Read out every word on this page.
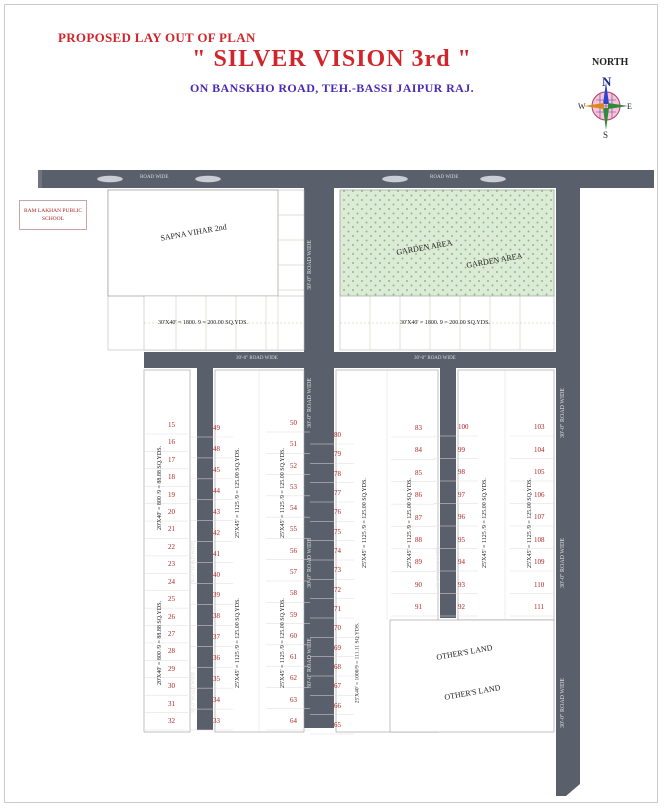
PROPOSED LAY OUT OF PLAN
" SILVER VISION 3rd "
ON BANSKHO ROAD, TEH.-BASSI JAIPUR RAJ.
NORTH
N
S
W	E
RAM LAKHAN PUBLIC SCHOOL
SAPNA VIHAR 2nd
GARDEN AREA
GARDEN AREA
OTHER'S LAND
OTHER'S LAND
ROAD WIDE	ROAD WIDE
30'-0" ROAD WIDE	30'-0" ROAD WIDE
30'-0" ROAD WIDE
30'-0" ROAD WIDE
30'-0" ROAD WIDE
30'-0" ROAD WIDE	30'-0" ROAD WIDE
30'-0" ROAD WIDE
30'-0" ROAD WIDE
30'-0" ROAD WIDE
30'-0" ROAD WIDE
30'-0" ROAD WIDE
30'X40' = 1800. 9 = 200.00 SQ.YDS.	30'X40' = 1800. 9 = 200.00 SQ.YDS.
20'X40' = 800 /9 = 88.88 SQ.YDS.
20'X40' = 800 /9 = 88.88 SQ.YDS.
25'X45' = 1125 /9 = 125.00 SQ.YDS.	25'X45' = 1125 /9 = 125.00 SQ.YDS.
25'X45' = 1125 /9 = 125.00 SQ.YDS.	25'X45' = 1125 /9 = 125.00 SQ.YDS.
25'X45' = 1125 /9 = 125.00 SQ.YDS.	25'X45' = 1125 /9 = 125.00 SQ.YDS.
25'X40' = 1000/9 = 111.11 SQ.YDS.
25'X45' = 1125 /9 = 125.00 SQ.YDS.	25'X45' = 1125 /9 = 125.00 SQ.YDS.
15
16
17
18
19
20
21
22
23
24
25
26
27
28
29
30
31
32
49
48
45
44
43
42
41
40
39
38
37
36
35
34
33
50
51
52
53
54
55
56
57
58
59
60
61
62
63
64
80
79
78
77
76
75
74
73
72
71
70
69
68
67
66
65
83
84
85
86
87
88
89
90
91
100
99
98
97
96
95
94
93
92
103
104
105
106
107
108
109
110
111
